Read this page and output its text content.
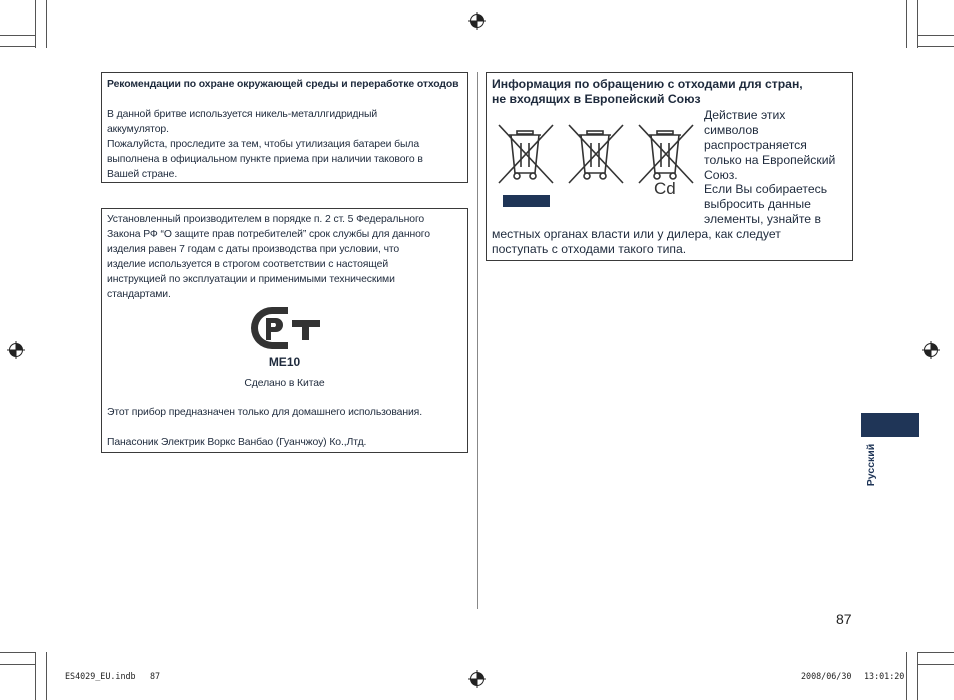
Рекомендации по охране окружающей среды и переработке отходов
В данной бритве используется никель-металлгидридный
аккумулятор.
Пожалуйста, проследите за тем, чтобы утилизация батареи была
выполнена в официальном пункте приема при наличии такового в
Вашей стране.
Установленный производителем в порядке п. 2 ст. 5 Федерального
Закона РФ “О защите прав потребителей” срок службы для данного
изделия равен 7 годам с даты производства при условии, что
изделие используется в строгом соответствии с настоящей
инструкцией по эксплуатации и применимыми техническими
стандартами.
ME10
Сделано в Китае
Этот прибор предназначен только для домашнего использования.
Панасоник Электрик Воркс Ванбао (Гуанчжоу) Ко.,Лтд.
Информация по обращению с отходами для стран,
не входящих в Европейский Союз
Cd
Действие этих
символов
распространяется
только на Европейский
Союз.
Если Вы собираетесь
выбросить данные
элементы, узнайте в
местных органах власти или у дилера, как следует
поступать с отходами такого типа.
Русский
87
ES4029_EU.indb 87	2008/06/30 13:01:20
